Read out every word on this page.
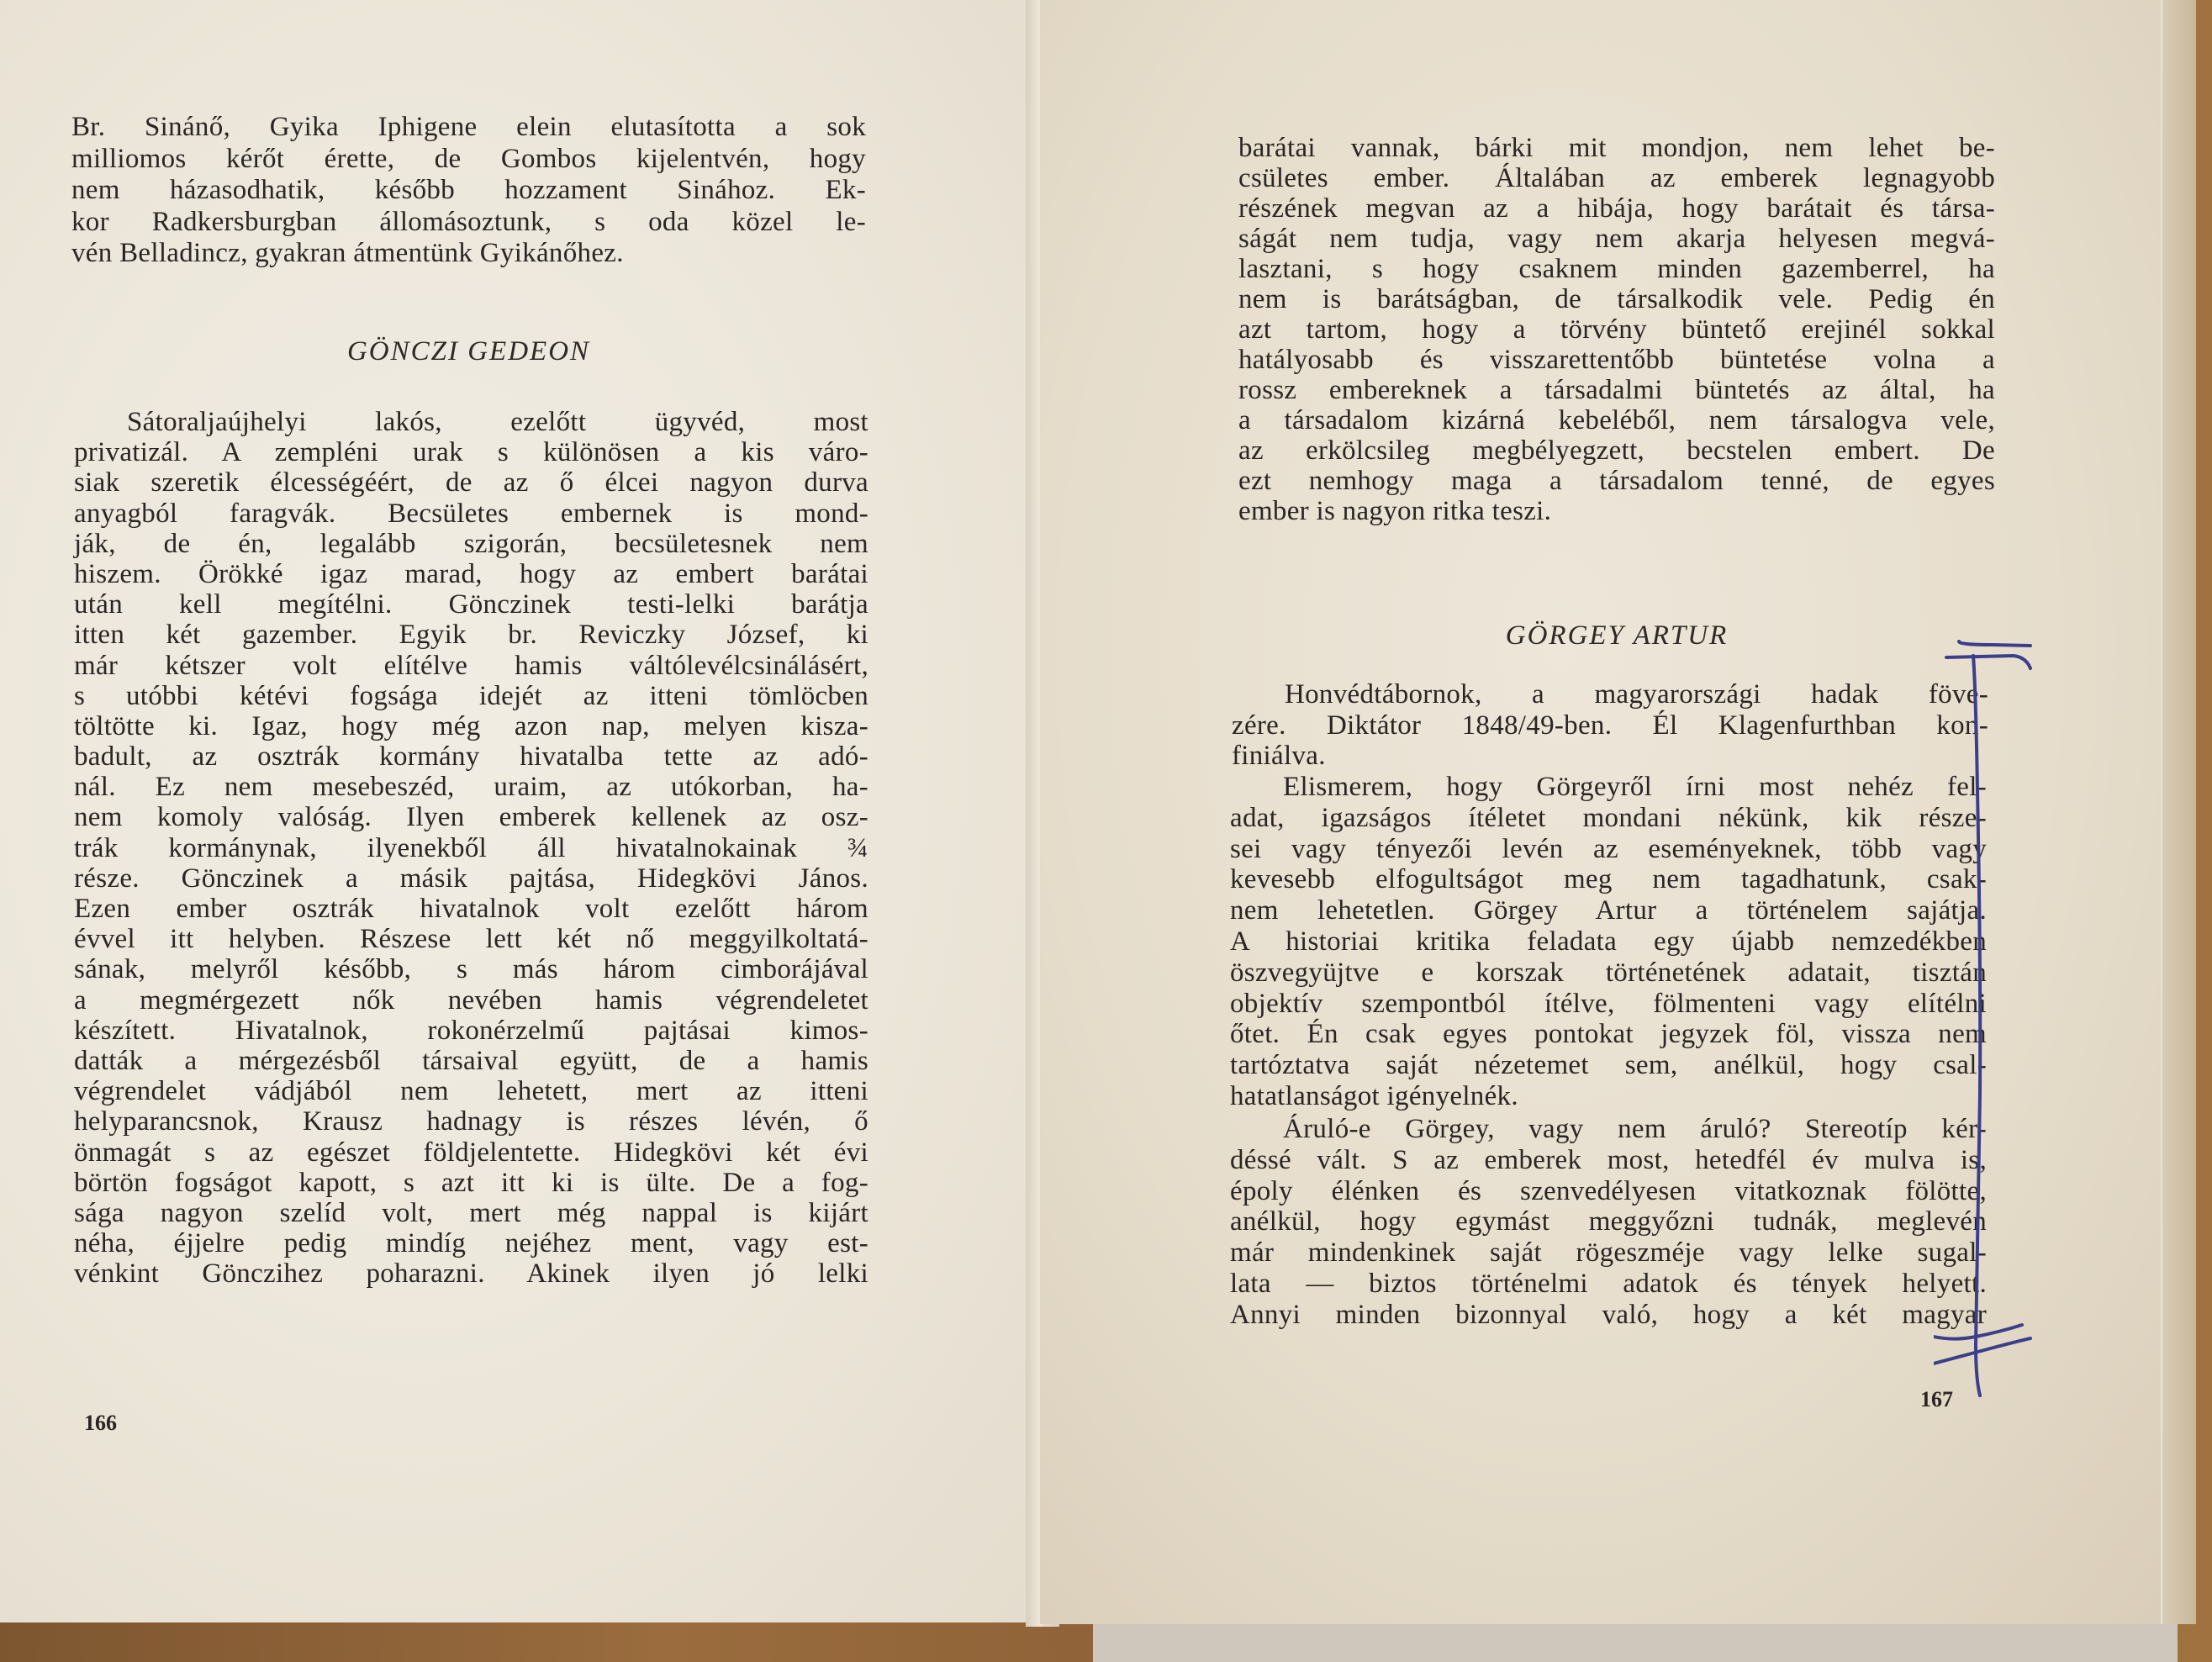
Br. Sinánő, Gyika Iphigene elein elutasította a sok
milliomos kérőt érette, de Gombos kijelentvén, hogy
nem házasodhatik, később hozzament Sinához. Ek-
kor Radkersburgban állomásoztunk, s oda közel le-
vén Belladincz, gyakran átmentünk Gyikánőhez.
GÖNCZI GEDEON
Sátoraljaújhelyi lakós, ezelőtt ügyvéd, most
privatizál. A zempléni urak s különösen a kis váro-
siak szeretik élcességéért, de az ő élcei nagyon durva
anyagból faragvák. Becsületes embernek is mond-
ják, de én, legalább szigorán, becsületesnek nem
hiszem. Örökké igaz marad, hogy az embert barátai
után kell megítélni. Gönczinek testi-lelki barátja
itten két gazember. Egyik br. Reviczky József, ki
már kétszer volt elítélve hamis váltólevélcsinálásért,
s utóbbi kétévi fogsága idejét az itteni tömlöcben
töltötte ki. Igaz, hogy még azon nap, melyen kisza-
badult, az osztrák kormány hivatalba tette az adó-
nál. Ez nem mesebeszéd, uraim, az utókorban, ha-
nem komoly valóság. Ilyen emberek kellenek az osz-
trák kormánynak, ilyenekből áll hivatalnokainak ¾
része. Gönczinek a másik pajtása, Hidegkövi János.
Ezen ember osztrák hivatalnok volt ezelőtt három
évvel itt helyben. Részese lett két nő meggyilkoltatá-
sának, melyről később, s más három cimborájával
a megmérgezett nők nevében hamis végrendeletet
készített. Hivatalnok, rokonérzelmű pajtásai kimos-
datták a mérgezésből társaival együtt, de a hamis
végrendelet vádjából nem lehetett, mert az itteni
helyparancsnok, Krausz hadnagy is részes lévén, ő
önmagát s az egészet földjelentette. Hidegkövi két évi
börtön fogságot kapott, s azt itt ki is ülte. De a fog-
sága nagyon szelíd volt, mert még nappal is kijárt
néha, éjjelre pedig mindíg nejéhez ment, vagy est-
vénkint Gönczihez poharazni. Akinek ilyen jó lelki
166
barátai vannak, bárki mit mondjon, nem lehet be-
csületes ember. Általában az emberek legnagyobb
részének megvan az a hibája, hogy barátait és társa-
ságát nem tudja, vagy nem akarja helyesen megvá-
lasztani, s hogy csaknem minden gazemberrel, ha
nem is barátságban, de társalkodik vele. Pedig én
azt tartom, hogy a törvény büntető erejinél sokkal
hatályosabb és visszarettentőbb büntetése volna a
rossz embereknek a társadalmi büntetés az által, ha
a társadalom kizárná kebeléből, nem társalogva vele,
az erkölcsileg megbélyegzett, becstelen embert. De
ezt nemhogy maga a társadalom tenné, de egyes
ember is nagyon ritka teszi.
GÖRGEY ARTUR
Honvédtábornok, a magyarországi hadak föve-
zére. Diktátor 1848/49-ben. Él Klagenfurthban kon-
finiálva.
Elismerem, hogy Görgeyről írni most nehéz fel-
adat, igazságos ítéletet mondani nékünk, kik része-
sei vagy tényezői levén az eseményeknek, több vagy
kevesebb elfogultságot meg nem tagadhatunk, csak-
nem lehetetlen. Görgey Artur a történelem sajátja.
A historiai kritika feladata egy újabb nemzedékben
öszvegyüjtve e korszak történetének adatait, tisztán
objektív szempontból ítélve, fölmenteni vagy elítélni
őtet. Én csak egyes pontokat jegyzek föl, vissza nem
tartóztatva saját nézetemet sem, anélkül, hogy csal-
hatatlanságot igényelnék.
Áruló-e Görgey, vagy nem áruló? Stereotíp kér-
déssé vált. S az emberek most, hetedfél év mulva is,
époly élénken és szenvedélyesen vitatkoznak fölötte,
anélkül, hogy egymást meggyőzni tudnák, meglevén
már mindenkinek saját rögeszméje vagy lelke sugal-
lata — biztos történelmi adatok és tények helyett.
Annyi minden bizonnyal való, hogy a két magyar
167
